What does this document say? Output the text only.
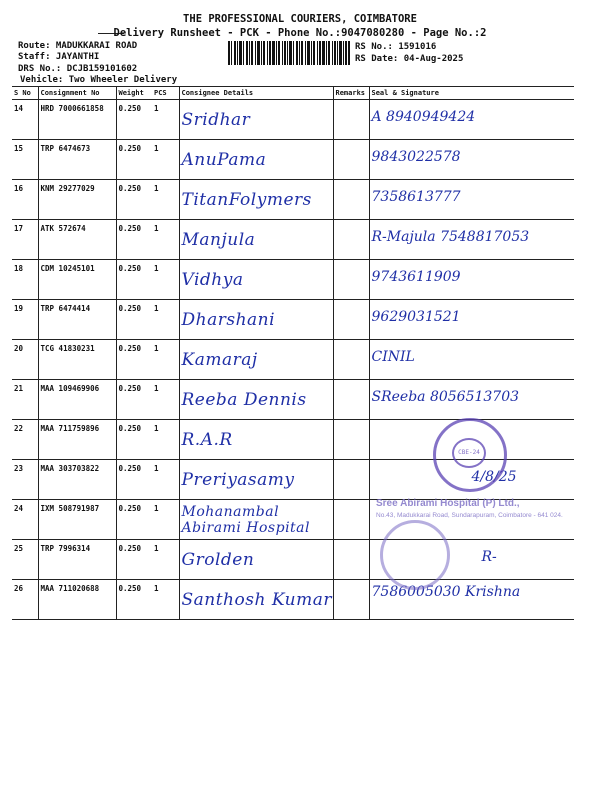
THE PROFESSIONAL COURIERS, COIMBATORE
Delivery Runsheet - PCK - Phone No.:9047080280 - Page No.:2
Route: MADUKKARAI ROAD
Staff: JAYANTHI
DRS No.: DCJB159101602
Vehicle: Two Wheeler Delivery
RS No.: 1591016
RS Date: 04-Aug-2025
S No	Consignment No	Weight	PCS	Consignee Details	Remarks	Seal & Signature
14	HRD 7000661858	0.250	1	Sridhar		A 8940949424
15	TRP 6474673	0.250	1	AnuPama		9843022578
16	KNM 29277029	0.250	1	TitanFolymers		7358613777
17	ATK 572674	0.250	1	Manjula		R-Majula 7548817053
18	CDM 10245101	0.250	1	Vidhya		9743611909
19	TRP 6474414	0.250	1	Dharshani		9629031521
20	TCG 41830231	0.250	1	Kamaraj		CINIL
21	MAA 109469906	0.250	1	Reeba Dennis		SReeba 8056513703
22	MAA 711759896	0.250	1	R.A.R		
23	MAA 303703822	0.250	1	Preriyasamy		4/8/25
24	IXM 508791987	0.250	1	Mohanambal Abirami Hospital		

25	TRP 7996314	0.250	1	Grolden		R-
26	MAA 711020688	0.250	1	Santhosh Kumar		7586005030 Krishna
CBE-24
Sree Abirami Hospital (P) Ltd.,
No.43, Madukkarai Road, Sundarapuram, Coimbatore - 641 024.
